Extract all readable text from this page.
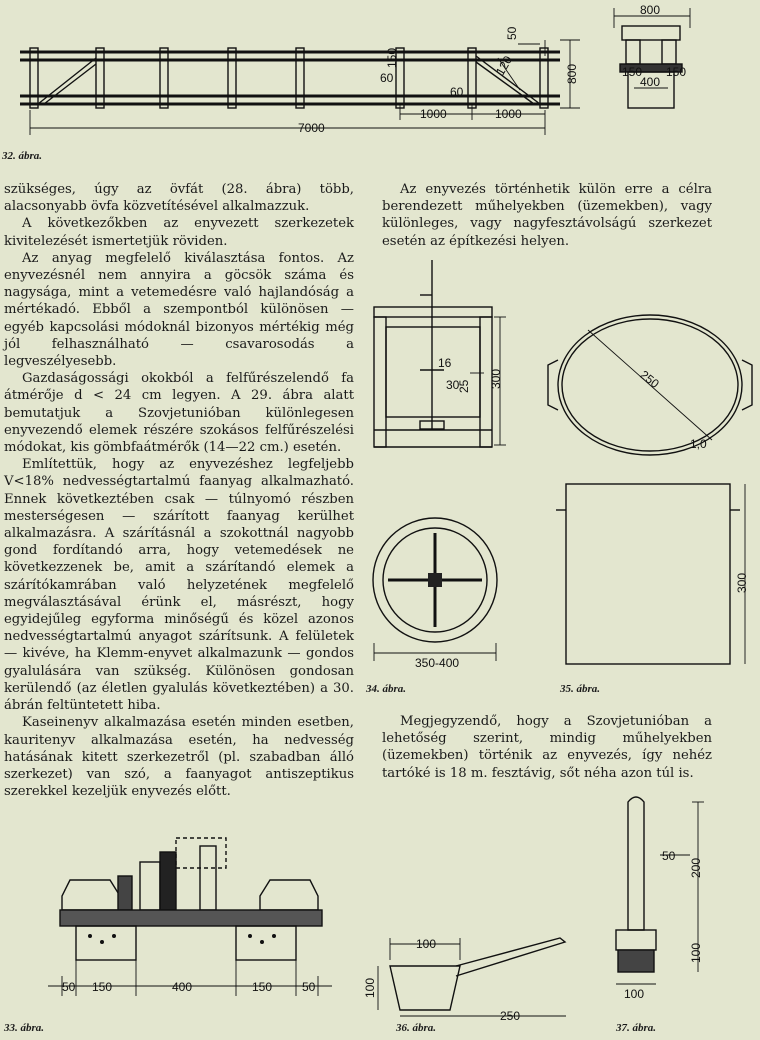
7000
1000	1000
60
60
150	120
50
800
800
400
150 150
32. ábra.

szükséges, úgy az övfát (28. ábra) több, alacsonyabb övfa közvetítésével alkalmazzuk.

A következőkben az enyvezett szerkezetek kivitelezését ismertetjük röviden.

Az anyag megfelelő kiválasztása fontos. Az enyvezésnél nem annyira a göcsök száma és nagysága, mint a vetemedésre való hajlandóság a mértékadó. Ebből a szempontból különösen — egyéb kapcsolási módoknál bizonyos mértékig még jól felhasználható — csavarosodás a legveszélyesebb.

Gazdaságossági okokból a felfűrészelendő fa átmérője d < 24 cm legyen. A 29. ábra alatt bemutatjuk a Szovjetunióban különlegesen enyvezendő elemek részére szokásos felfűrészelési módokat, kis gömbfaátmérők (14—22 cm.) esetén.

Említettük, hogy az enyvezéshez legfeljebb V<18% nedvességtartalmú faanyag alkalmazható. Ennek következtében csak — túlnyomó részben mesterségesen — szárított faanyag kerülhet alkalmazásra. A szárításnál a szokottnál nagyobb gond fordítandó arra, hogy vetemedések ne következzenek be, amit a szárítandó elemek a szárítókamrában való helyzetének megfelelő megválasztásával érünk el, másrészt, hogy egyidejűleg egyforma minőségű és közel azonos nedvességtartalmú anyagot szárítsunk. A felületek — kivéve, ha Klemm-enyvet alkalmazunk — gondos gyalulására van szükség. Különösen gondosan kerülendő (az életlen gyalulás következtében) a 30. ábrán feltüntetett hiba.

Kaseinenyv alkalmazása esetén minden esetben, kauritenyv alkalmazása esetén, ha nedvesség hatásának kitett szerkezetről (pl. szabadban álló szerkezet) van szó, a faanyagot antiszeptikus szerekkel kezeljük enyvezés előtt.

Az enyvezés történhetik külön erre a célra berendezett műhelyekben (üzemekben), vagy különleges, vagy nagyfesztávolságú szerkezet esetén az építkezési helyen.
16
30
25 300
350-400
34. ábra.
250
1,0
300
35. ábra.
Megjegyzendő, hogy a Szovjetunióban a lehetőség szerint, mindig műhelyekben (üzemekben) történik az enyvezés, így nehéz tartóké is 18 m. fesztávig, sőt néha azon túl is.
50 150	400	150 50
33. ábra.
100
100
250
36. ábra.
50
200
100
100
37. ábra.
